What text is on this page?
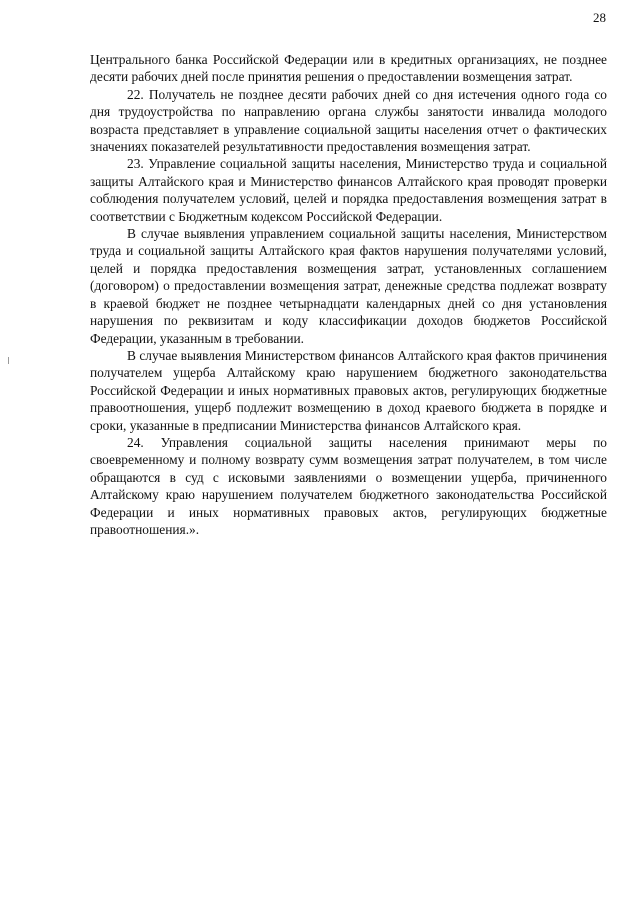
28

Центрального банка Российской Федерации или в кредитных организациях, не позднее десяти рабочих дней после принятия решения о предоставлении возмещения затрат.

22. Получатель не позднее десяти рабочих дней со дня истечения одного года со дня трудоустройства по направлению органа службы занятости инвалида молодого возраста представляет в управление социальной защиты населения отчет о фактических значениях показателей результативности предоставления возмещения затрат.

23. Управление социальной защиты населения, Министерство труда и социальной защиты Алтайского края и Министерство финансов Алтайского края проводят проверки соблюдения получателем условий, целей и порядка предоставления возмещения затрат в соответствии с Бюджетным кодексом Российской Федерации.

В случае выявления управлением социальной защиты населения, Министерством труда и социальной защиты Алтайского края фактов нарушения получателями условий, целей и порядка предоставления возмещения затрат, установленных соглашением (договором) о предоставлении возмещения затрат, денежные средства подлежат возврату в краевой бюджет не позднее четырнадцати календарных дней со дня установления нарушения по реквизитам и коду классификации доходов бюджетов Российской Федерации, указанным в требовании.

В случае выявления Министерством финансов Алтайского края фактов причинения получателем ущерба Алтайскому краю нарушением бюджетного законодательства Российской Федерации и иных нормативных правовых актов, регулирующих бюджетные правоотношения, ущерб подлежит возмещению в доход краевого бюджета в порядке и сроки, указанные в предписании Министерства финансов Алтайского края.

24. Управления социальной защиты населения принимают меры по своевременному и полному возврату сумм возмещения затрат получателем, в том числе обращаются в суд с исковыми заявлениями о возмещении ущерба, причиненного Алтайскому краю нарушением получателем бюджетного законодательства Российской Федерации и иных нормативных правовых актов, регулирующих бюджетные правоотношения.».
